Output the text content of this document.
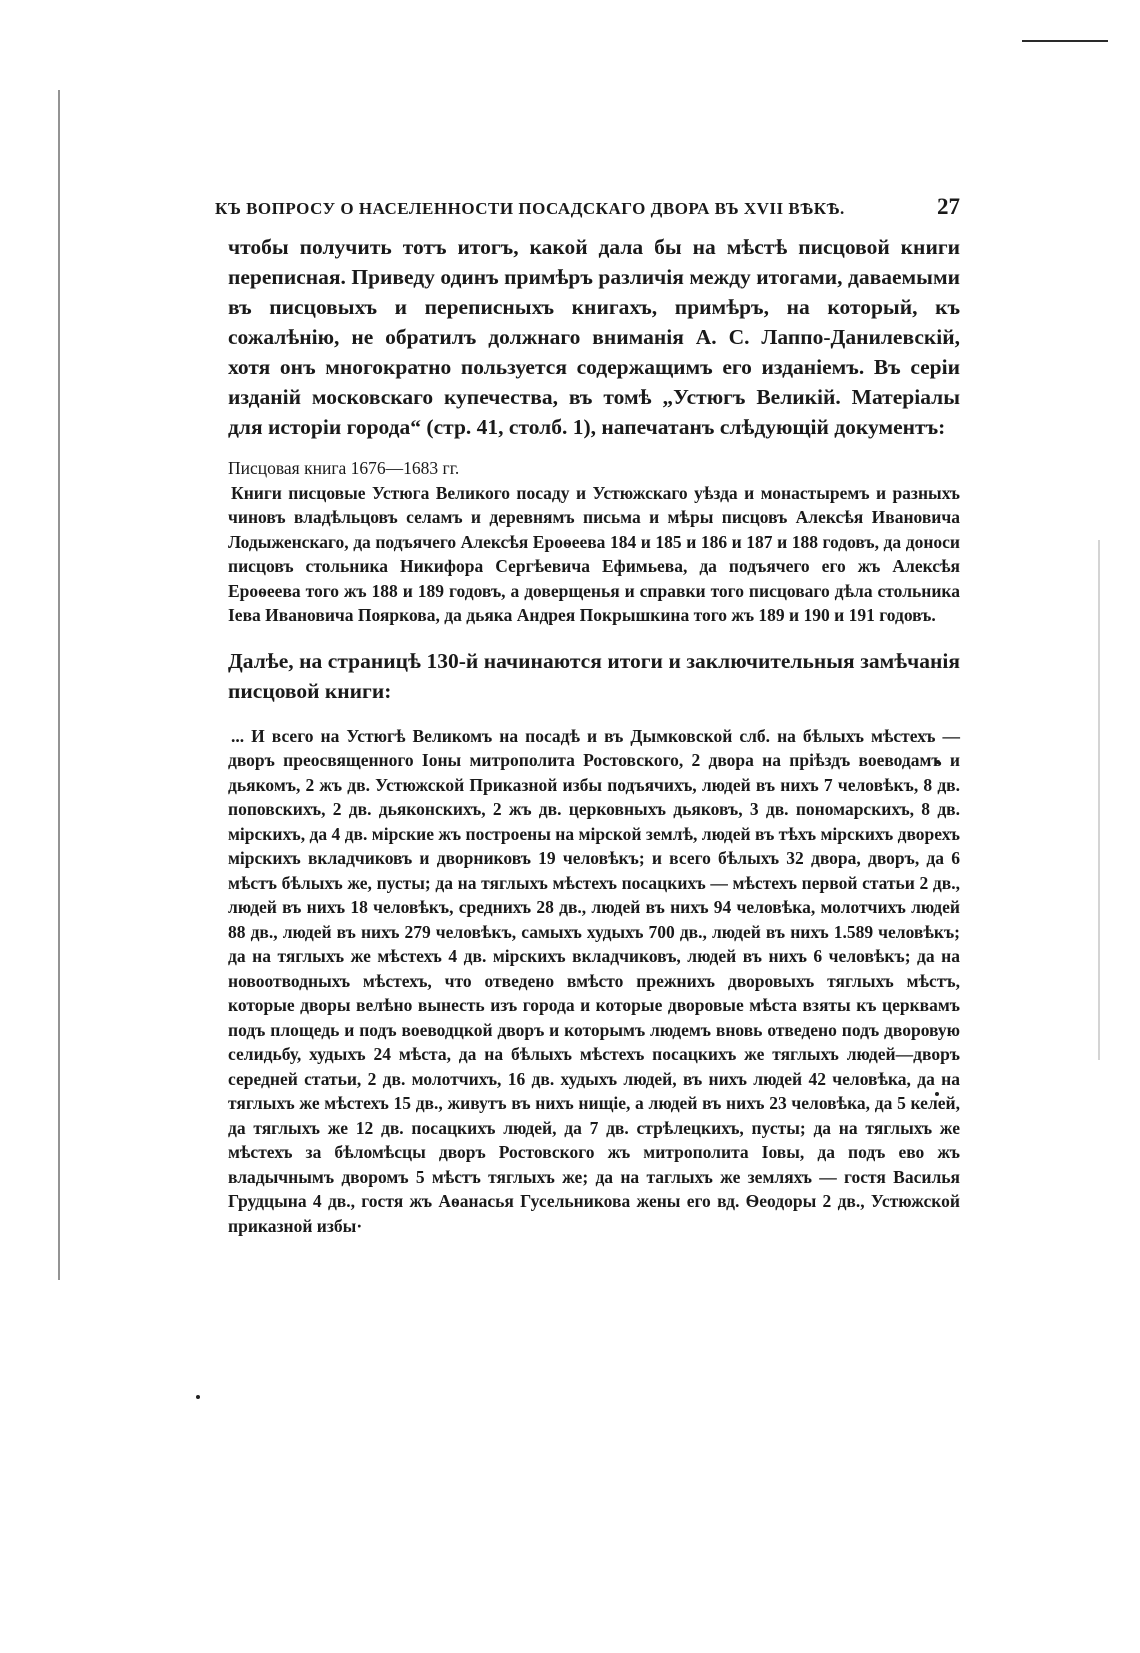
КЪ ВОПРОСУ О НАСЕЛЕННОСТИ ПОСАДСКАГО ДВОРА ВЪ XVII ВѢКѢ.	27

чтобы получить тотъ итогъ, какой дала бы на мѣстѣ писцовой книги переписная. Приведу одинъ примѣръ различія между итогами, даваемыми въ писцовыхъ и переписныхъ книгахъ, примѣръ, на который, къ сожалѣнію, не обратилъ должнаго вниманія А. С. Лаппо-Данилевскій, хотя онъ многократно пользуется содержащимъ его изданіемъ. Въ серіи изданій московскаго купечества, въ томѣ „Устюгъ Великій. Матеріалы для исторіи города“ (стр. 41, столб. 1), напечатанъ слѣдующій документъ:

Писцовая книга 1676—1683 гг.

Книги писцовые Устюга Великого посаду и Устюжскаго уѣзда и монастыремъ и разныхъ чиновъ владѣльцовъ селамъ и деревнямъ письма и мѣры писцовъ Алексѣя Ивановича Лодыженскаго, да подъячего Алексѣя Ероѳеева 184 и 185 и 186 и 187 и 188 годовъ, да доноси писцовъ стольника Никифора Сергѣевича Ефимьева, да подъячего его жъ Алексѣя Ероѳеева того жъ 188 и 189 годовъ, а доверщенья и справки того писцоваго дѣла стольника Іева Ивановича Поярковa, да дьяка Андрея Покрышкина того жъ 189 и 190 и 191 годовъ.

Далѣе, на страницѣ 130-й начинаются итоги и заключительныя замѣчанія писцовой книги:

... И всего на Устюгѣ Великомъ на посадѣ и въ Дымковской слб. на бѣлыхъ мѣстехъ — дворъ преосвященного Іоны митрополита Ростовского, 2 двора на пріѣздъ воеводамъ и дьякомъ, 2 жъ дв. Устюжской Приказной избы подъячихъ, людей въ нихъ 7 человѣкъ, 8 дв. поповскихъ, 2 дв. дьяконскихъ, 2 жъ дв. церковныхъ дьяковъ, 3 дв. пономарскихъ, 8 дв. мірскихъ, да 4 дв. мірские жъ построены на мірской землѣ, людей въ тѣхъ мірскихъ дворехъ мірскихъ вкладчиковъ и дворниковъ 19 человѣкъ; и всего бѣлыхъ 32 двора, дворъ, да 6 мѣстъ бѣлыхъ же, пусты; да на тяглыхъ мѣстехъ посацкихъ — мѣстехъ первой статьи 2 дв., людей въ нихъ 18 человѣкъ, среднихъ 28 дв., людей въ нихъ 94 человѣка, молотчихъ людей 88 дв., людей въ нихъ 279 человѣкъ, самыхъ худыхъ 700 дв., людей въ нихъ 1.589 человѣкъ; да на тяглыхъ же мѣстехъ 4 дв. мірскихъ вкладчиковъ, людей въ нихъ 6 человѣкъ; да на новоотводныхъ мѣстехъ, что отведено вмѣсто прежнихъ дворовыхъ тяглыхъ мѣстъ, которые дворы велѣно вынесть изъ города и которые дворовые мѣста взяты къ церквамъ подъ площедь и подъ воеводцкой дворъ и которымъ людемъ вновь отведено подъ дворовую селидьбу, худыхъ 24 мѣста, да на бѣлыхъ мѣстехъ посацкихъ же тяглыхъ людей—дворъ середней статьи, 2 дв. молотчихъ, 16 дв. худыхъ людей, въ нихъ людей 42 человѣка, да на тяглыхъ же мѣстехъ 15 дв., живутъ въ нихъ нищіе, а людей въ нихъ 23 человѣка, да 5 келей, да тяглыхъ же 12 дв. посацкихъ людей, да 7 дв. стрѣлецкихъ, пусты; да на тяглыхъ же мѣстехъ за бѣломѣсцы дворъ Ростовского жъ митрополита Іовы, да подъ ево жъ владычнымъ дворомъ 5 мѣстъ тяглыхъ же; да на таглыхъ же земляхъ — гостя Василья Грудцына 4 дв., гостя жъ Аѳанасья Гусельникова жены его вд. Ѳеодоры 2 дв., Устюжской приказной избы·
